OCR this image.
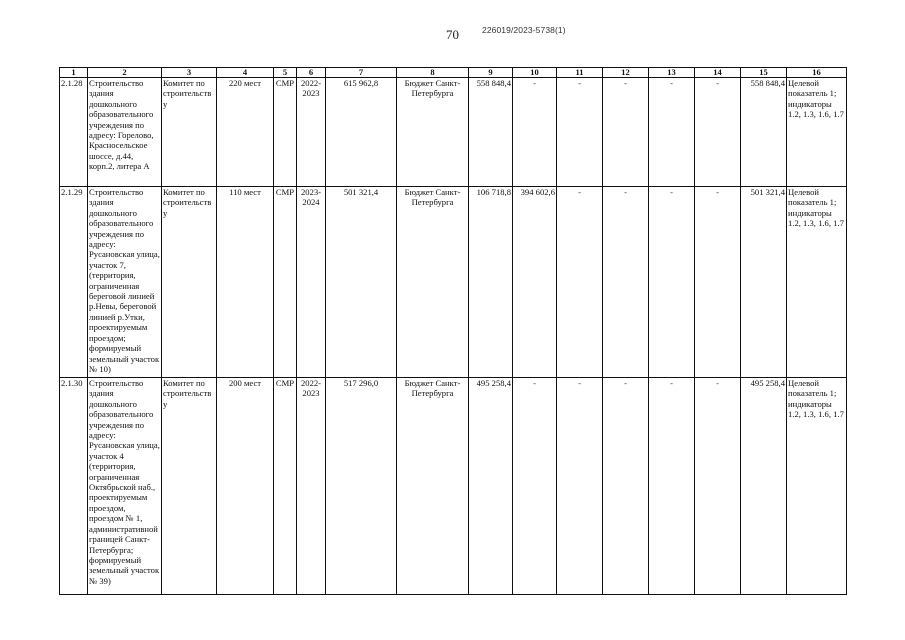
70	226019/2023-5738(1)
1	2	3	4	5	6	7	8	9	10	11	12	13	14	15	16
2.1.28	Строительство здания дошкольного образовательного учреждения по адресу: Горелово, Красносельское шоссе, д.44, корп.2, литера А	Комитет по строительству	220 мест	СМР	2022-2023	615 962,8	Бюджет Санкт-Петербурга	558 848,4	-	-	-	-	-	558 848,4	Целевой показатель 1; индикаторы 1.2, 1.3, 1.6, 1.7
2.1.29	Строительство здания дошкольного образовательного учреждения по адресу: Русановская улица, участок 7, (территория, ограниченная береговой линией р.Невы, береговой линией р.Утки, проектируемым проездом; формируемый земельный участок № 10)	Комитет по строительству	110 мест	СМР	2023-2024	501 321,4	Бюджет Санкт-Петербурга	106 718,8	394 602,6	-	-	-	-	501 321,4	Целевой показатель 1; индикаторы 1.2, 1.3, 1.6, 1.7
2.1.30	Строительство здания дошкольного образовательного учреждения по адресу: Русановская улица, участок 4 (территория, ограниченная Октябрьской наб., проектируемым проездом, проездом № 1, административной границей Санкт-Петербурга; формируемый земельный участок № 39)	Комитет по строительству	200 мест	СМР	2022-2023	517 296,0	Бюджет Санкт-Петербурга	495 258,4	-	-	-	-	-	495 258,4	Целевой показатель 1; индикаторы 1.2, 1.3, 1.6, 1.7
